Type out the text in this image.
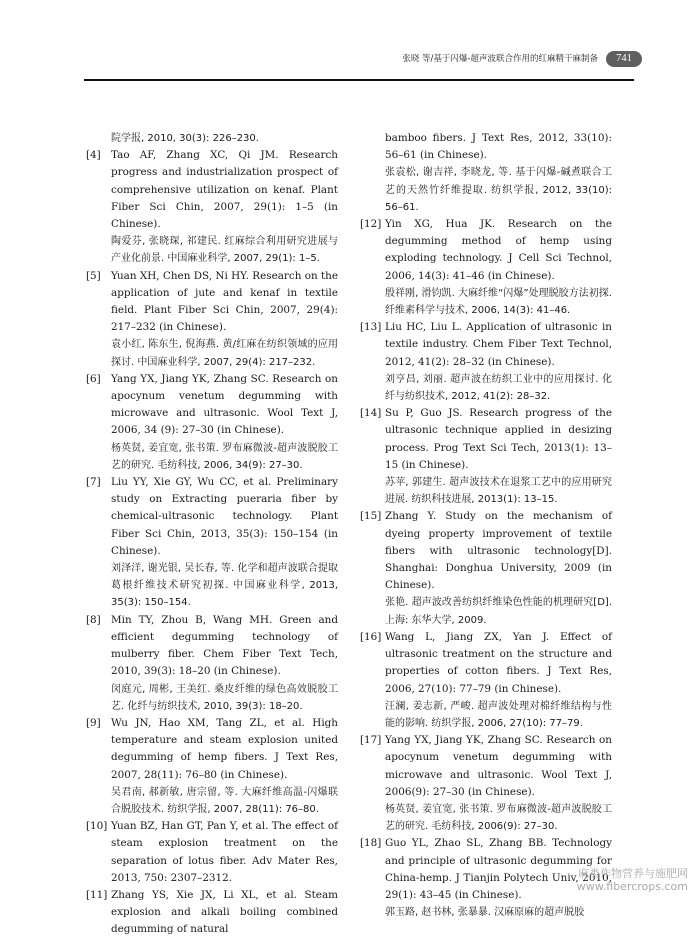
张晓 等/基于闪爆-超声波联合作用的红麻精干麻制备	741
院学报, 2010, 30(3): 226–230.
[4] Tao AF, Zhang XC, Qi JM. Research progress and industrialization prospect of comprehensive utilization on kenaf. Plant Fiber Sci Chin, 2007, 29(1): 1–5 (in Chinese).
陶爱芬, 张晓琛, 祁建民. 红麻综合利用研究进展与产业化前景. 中国麻业科学, 2007, 29(1): 1–5.
[5] Yuan XH, Chen DS, Ni HY. Research on the application of jute and kenaf in textile field. Plant Fiber Sci Chin, 2007, 29(4): 217–232 (in Chinese).
袁小红, 陈东生, 倪海燕. 黄/红麻在纺织领域的应用探讨. 中国麻业科学, 2007, 29(4): 217–232.
[6] Yang YX, Jiang YK, Zhang SC. Research on apocynum venetum degumming with microwave and ultrasonic. Wool Text J, 2006, 34 (9): 27–30 (in Chinese).
杨英贤, 姜宜宽, 张书策. 罗布麻微波-超声波脱胶工艺的研究. 毛纺科技, 2006, 34(9): 27–30.
[7] Liu YY, Xie GY, Wu CC, et al. Preliminary study on Extracting pueraria fiber by chemical-ultrasonic technology. Plant Fiber Sci Chin, 2013, 35(3): 150–154 (in Chinese).
刘泽洋, 谢光银, 吴长春, 等. 化学和超声波联合提取葛根纤维技术研究初探. 中国麻业科学, 2013, 35(3): 150–154.
[8] Min TY, Zhou B, Wang MH. Green and efficient degumming technology of mulberry fiber. Chem Fiber Text Tech, 2010, 39(3): 18–20 (in Chinese).
闵庭元, 周彬, 王美红. 桑皮纤维的绿色高效脱胶工艺. 化纤与纺织技术, 2010, 39(3): 18–20.
[9] Wu JN, Hao XM, Tang ZL, et al. High temperature and steam explosion united degumming of hemp fibers. J Text Res, 2007, 28(11): 76–80 (in Chinese).
吴君南, 郝新敏, 唐宗留, 等. 大麻纤维高温-闪爆联合脱胶技术. 纺织学报, 2007, 28(11): 76–80.
[10] Yuan BZ, Han GT, Pan Y, et al. The effect of steam explosion treatment on the separation of lotus fiber. Adv Mater Res, 2013, 750: 2307–2312.
[11] Zhang YS, Xie JX, Li XL, et al. Steam explosion and alkali boiling combined degumming of natural
bamboo fibers. J Text Res, 2012, 33(10): 56–61 (in Chinese).
张袁松, 谢吉祥, 李晓龙, 等. 基于闪爆-碱煮联合工艺的天然竹纤维提取. 纺织学报, 2012, 33(10): 56–61.
[12] Yin XG, Hua JK. Research on the degumming method of hemp using exploding technology. J Cell Sci Technol, 2006, 14(3): 41–46 (in Chinese).
殷祥刚, 滑钧凯. 大麻纤维“闪爆”处理脱胶方法初探. 纤维素科学与技术, 2006, 14(3): 41–46.
[13] Liu HC, Liu L. Application of ultrasonic in textile industry. Chem Fiber Text Technol, 2012, 41(2): 28–32 (in Chinese).
刘亨昌, 刘丽. 超声波在纺织工业中的应用探讨. 化纤与纺织技术, 2012, 41(2): 28–32.
[14] Su P, Guo JS. Research progress of the ultrasonic technique applied in desizing process. Prog Text Sci Tech, 2013(1): 13–15 (in Chinese).
苏苹, 郭建生. 超声波技术在退浆工艺中的应用研究进展. 纺织科技进展, 2013(1): 13–15.
[15] Zhang Y. Study on the mechanism of dyeing property improvement of textile fibers with ultrasonic technology[D]. Shanghai: Donghua University, 2009 (in Chinese).
张艳. 超声波改善纺织纤维染色性能的机理研究[D]. 上海: 东华大学, 2009.
[16] Wang L, Jiang ZX, Yan J. Effect of ultrasonic treatment on the structure and properties of cotton fibers. J Text Res, 2006, 27(10): 77–79 (in Chinese).
汪澜, 姜志新, 严峻. 超声波处理对棉纤维结构与性能的影响. 纺织学报, 2006, 27(10): 77–79.
[17] Yang YX, Jiang YK, Zhang SC. Research on apocynum venetum degumming with microwave and ultrasonic. Wool Text J, 2006(9): 27–30 (in Chinese).
杨英贤, 姜宜宽, 张书策. 罗布麻微波-超声波脱胶工艺的研究. 毛纺科技, 2006(9): 27–30.
[18] Guo YL, Zhao SL, Zhang BB. Technology and principle of ultrasonic degumming for China-hemp. J Tianjin Polytech Univ, 2010, 29(1): 43–45 (in Chinese).
郭玉路, 赵书林, 张暴暴. 汉麻原麻的超声脱胶
麻类作物营养与施肥网
www.fibercrops.com
